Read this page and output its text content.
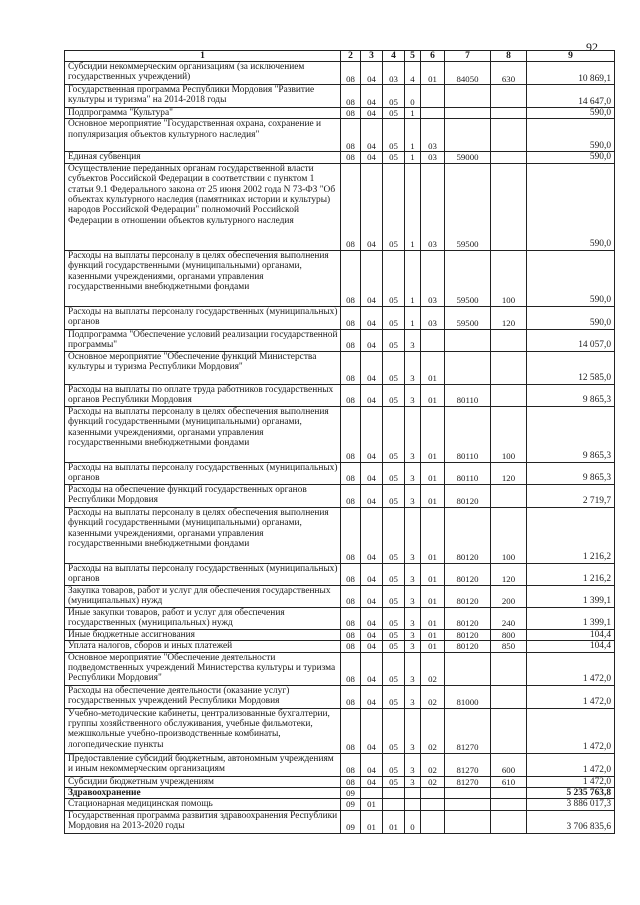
92
1	2	3	4	5	6	7	8	9
Субсидии некоммерческим организациям (за исключением государственных учреждений)	08	04	03	4	01	84050	630	10 869,1
Государственная программа Республики Мордовия "Развитие культуры и туризма" на 2014-2018 годы	08	04	05	0				14 647,0
Подпрограмма "Культура"	08	04	05	1				590,0
Основное мероприятие "Государственная охрана, сохранение и популяризация объектов культурного наследия"	08	04	05	1	03			590,0
Единая субвенция	08	04	05	1	03	59000		590,0
Осуществление переданных органам государственной власти субъектов Российской Федерации в соответствии с пунктом 1 статьи 9.1 Федерального закона от 25 июня 2002 года N 73-ФЗ "Об объектах культурного наследия (памятниках истории и культуры) народов Российской Федерации" полномочий Российской Федерации в отношении объектов культурного наследия	08	04	05	1	03	59500		590,0
Расходы на выплаты персоналу в целях обеспечения выполнения функций государственными (муниципальными) органами, казенными учреждениями, органами управления государственными внебюджетными фондами	08	04	05	1	03	59500	100	590,0
Расходы на выплаты персоналу государственных (муниципальных) органов	08	04	05	1	03	59500	120	590,0
Подпрограмма "Обеспечение условий реализации государственной программы"	08	04	05	3				14 057,0
Основное мероприятие "Обеспечение функций Министерства культуры и туризма Республики Мордовия"	08	04	05	3	01			12 585,0
Расходы на выплаты по оплате труда работников государственных органов Республики Мордовия	08	04	05	3	01	80110		9 865,3
Расходы на выплаты персоналу в целях обеспечения выполнения функций государственными (муниципальными) органами, казенными учреждениями, органами управления государственными внебюджетными фондами	08	04	05	3	01	80110	100	9 865,3
Расходы на выплаты персоналу государственных (муниципальных) органов	08	04	05	3	01	80110	120	9 865,3
Расходы на обеспечение функций государственных органов Республики Мордовия	08	04	05	3	01	80120		2 719,7
Расходы на выплаты персоналу в целях обеспечения выполнения функций государственными (муниципальными) органами, казенными учреждениями, органами управления государственными внебюджетными фондами	08	04	05	3	01	80120	100	1 216,2
Расходы на выплаты персоналу государственных (муниципальных) органов	08	04	05	3	01	80120	120	1 216,2
Закупка товаров, работ и услуг для обеспечения государственных (муниципальных) нужд	08	04	05	3	01	80120	200	1 399,1
Иные закупки товаров, работ и услуг для обеспечения государственных (муниципальных) нужд	08	04	05	3	01	80120	240	1 399,1
Иные бюджетные ассигнования	08	04	05	3	01	80120	800	104,4
Уплата налогов, сборов и иных платежей	08	04	05	3	01	80120	850	104,4
Основное мероприятие "Обеспечение деятельности подведомственных учреждений Министерства культуры и туризма Республики Мордовия"	08	04	05	3	02			1 472,0
Расходы на обеспечение деятельности (оказание услуг) государственных учреждений Республики Мордовия	08	04	05	3	02	81000		1 472,0
Учебно-методические кабинеты, централизованные бухгалтерии, группы хозяйственного обслуживания, учебные фильмотеки, межшкольные учебно-производственные комбинаты, логопедические пункты	08	04	05	3	02	81270		1 472,0
Предоставление субсидий бюджетным, автономным учреждениям и иным некоммерческим организациям	08	04	05	3	02	81270	600	1 472,0
Субсидии бюджетным учреждениям	08	04	05	3	02	81270	610	1 472,0
Здравоохранение	09							5 235 763,8
Стационарная медицинская помощь	09	01						3 886 017,3
Государственная программа развития здравоохранения Республики Мордовия на 2013-2020 годы	09	01	01	0				3 706 835,6
